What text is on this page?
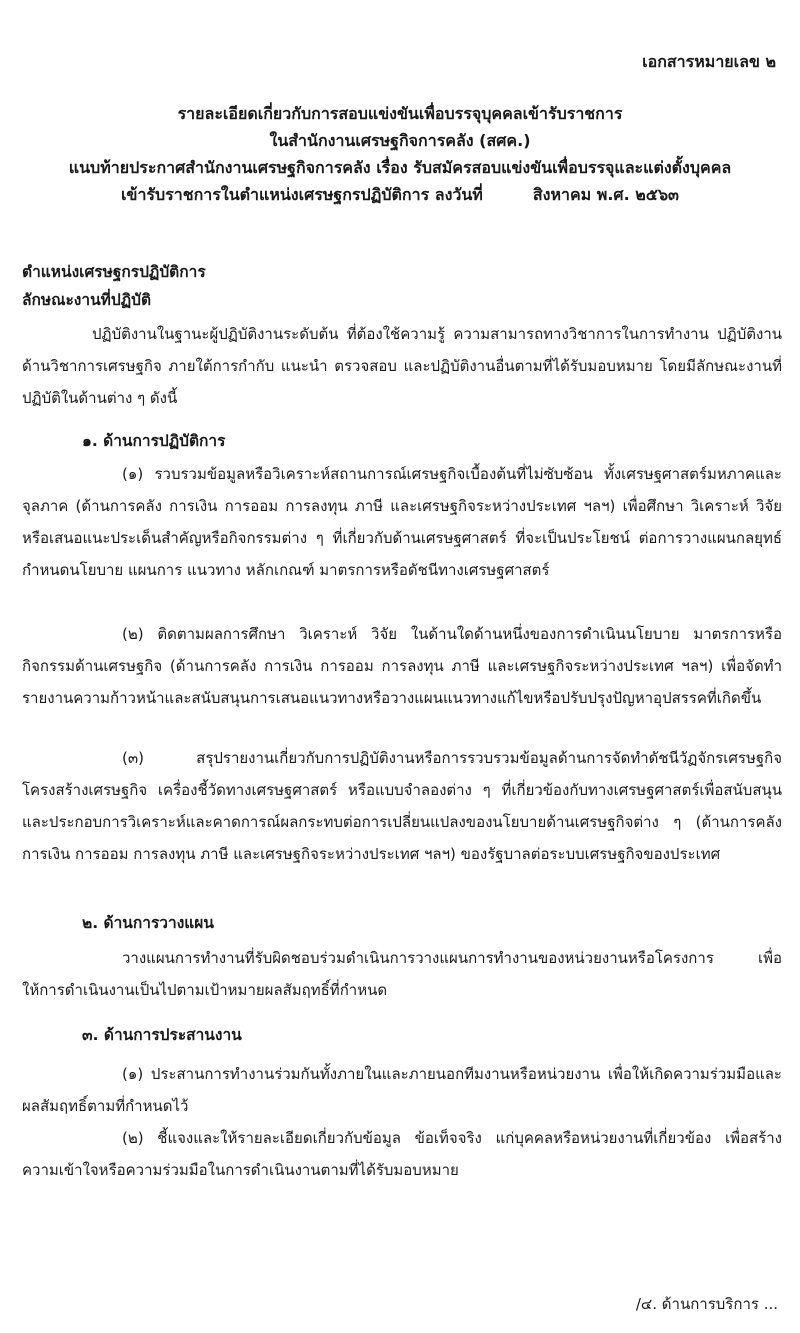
เอกสารหมายเลข ๒
รายละเอียดเกี่ยวกับการสอบแข่งขันเพื่อบรรจุบุคคลเข้ารับราชการ
ในสำนักงานเศรษฐกิจการคลัง (สศค.)
แนบท้ายประกาศสำนักงานเศรษฐกิจการคลัง เรื่อง รับสมัครสอบแข่งขันเพื่อบรรจุและแต่งตั้งบุคคล
เข้ารับราชการในตำแหน่งเศรษฐกรปฏิบัติการ ลงวันที่	สิงหาคม พ.ศ. ๒๕๖๓
ตำแหน่งเศรษฐกรปฏิบัติการ
ลักษณะงานที่ปฏิบัติ
ปฏิบัติงานในฐานะผู้ปฏิบัติงานระดับต้น ที่ต้องใช้ความรู้ ความสามารถทางวิชาการในการทำงาน ปฏิบัติงานด้านวิชาการเศรษฐกิจ ภายใต้การกำกับ แนะนำ ตรวจสอบ และปฏิบัติงานอื่นตามที่ได้รับมอบหมาย โดยมีลักษณะงานที่ปฏิบัติในด้านต่าง ๆ ดังนี้
๑. ด้านการปฏิบัติการ
(๑) รวบรวมข้อมูลหรือวิเคราะห์สถานการณ์เศรษฐกิจเบื้องต้นที่ไม่ซับซ้อน ทั้งเศรษฐศาสตร์มหภาคและจุลภาค (ด้านการคลัง การเงิน การออม การลงทุน ภาษี และเศรษฐกิจระหว่างประเทศ ฯลฯ) เพื่อศึกษา วิเคราะห์ วิจัย หรือเสนอแนะประเด็นสำคัญหรือกิจกรรมต่าง ๆ ที่เกี่ยวกับด้านเศรษฐศาสตร์ ที่จะเป็นประโยชน์ ต่อการวางแผนกลยุทธ์ กำหนดนโยบาย แผนการ แนวทาง หลักเกณฑ์ มาตรการหรือดัชนีทางเศรษฐศาสตร์
(๒) ติดตามผลการศึกษา วิเคราะห์ วิจัย ในด้านใดด้านหนึ่งของการดำเนินนโยบาย มาตรการหรือกิจกรรมด้านเศรษฐกิจ (ด้านการคลัง การเงิน การออม การลงทุน ภาษี และเศรษฐกิจระหว่างประเทศ ฯลฯ) เพื่อจัดทำรายงานความก้าวหน้าและสนับสนุนการเสนอแนวทางหรือวางแผนแนวทางแก้ไขหรือปรับปรุงปัญหาอุปสรรคที่เกิดขึ้น
(๓) สรุปรายงานเกี่ยวกับการปฏิบัติงานหรือการรวบรวมข้อมูลด้านการจัดทำดัชนีวัฏจักรเศรษฐกิจ โครงสร้างเศรษฐกิจ เครื่องชี้วัดทางเศรษฐศาสตร์ หรือแบบจำลองต่าง ๆ ที่เกี่ยวข้องกับทางเศรษฐศาสตร์เพื่อสนับสนุนและประกอบการวิเคราะห์และคาดการณ์ผลกระทบต่อการเปลี่ยนแปลงของนโยบายด้านเศรษฐกิจต่าง ๆ (ด้านการคลัง การเงิน การออม การลงทุน ภาษี และเศรษฐกิจระหว่างประเทศ ฯลฯ) ของรัฐบาลต่อระบบเศรษฐกิจของประเทศ
๒. ด้านการวางแผน
วางแผนการทำงานที่รับผิดชอบร่วมดำเนินการวางแผนการทำงานของหน่วยงานหรือโครงการ เพื่อให้การดำเนินงานเป็นไปตามเป้าหมายผลสัมฤทธิ์ที่กำหนด
๓. ด้านการประสานงาน
(๑) ประสานการทำงานร่วมกันทั้งภายในและภายนอกทีมงานหรือหน่วยงาน เพื่อให้เกิดความร่วมมือและผลสัมฤทธิ์ตามที่กำหนดไว้
(๒) ชี้แจงและให้รายละเอียดเกี่ยวกับข้อมูล ข้อเท็จจริง แก่บุคคลหรือหน่วยงานที่เกี่ยวข้อง เพื่อสร้างความเข้าใจหรือความร่วมมือในการดำเนินงานตามที่ได้รับมอบหมาย
/๔. ด้านการบริการ ...
